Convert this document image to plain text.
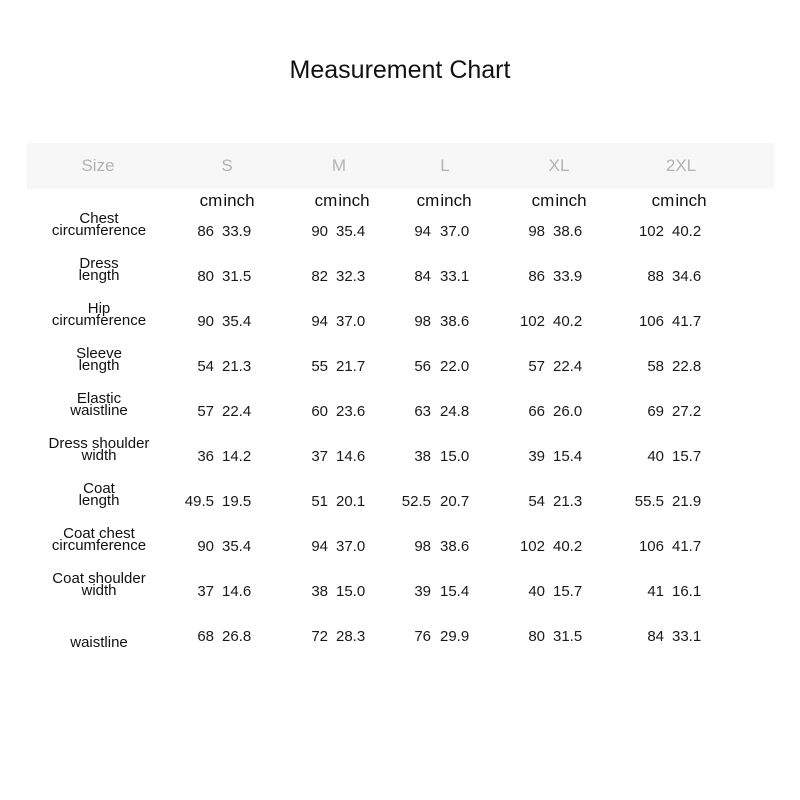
Measurement Chart
Size	S	M	L	XL	2XL
cm inch	cm inch	cm inch	cm inch	cm inch
Chest
circumference	86 33.9	90 35.4	94 37.0	98 38.6	102 40.2
Dress
length	80 31.5	82 32.3	84 33.1	86 33.9	88 34.6
Hip
circumference	90 35.4	94 37.0	98 38.6	102 40.2	106 41.7
Sleeve
length	54 21.3	55 21.7	56 22.0	57 22.4	58 22.8
Elastic
waistline	57 22.4	60 23.6	63 24.8	66 26.0	69 27.2
Dress shoulder
width	36 14.2	37 14.6	38 15.0	39 15.4	40 15.7
Coat
length	49.5 19.5	51 20.1	52.5 20.7	54 21.3	55.5 21.9
Coat chest
circumference	90 35.4	94 37.0	98 38.6	102 40.2	106 41.7
Coat shoulder
width	37 14.6	38 15.0	39 15.4	40 15.7	41 16.1
waistline	68 26.8	72 28.3	76 29.9	80 31.5	84 33.1
